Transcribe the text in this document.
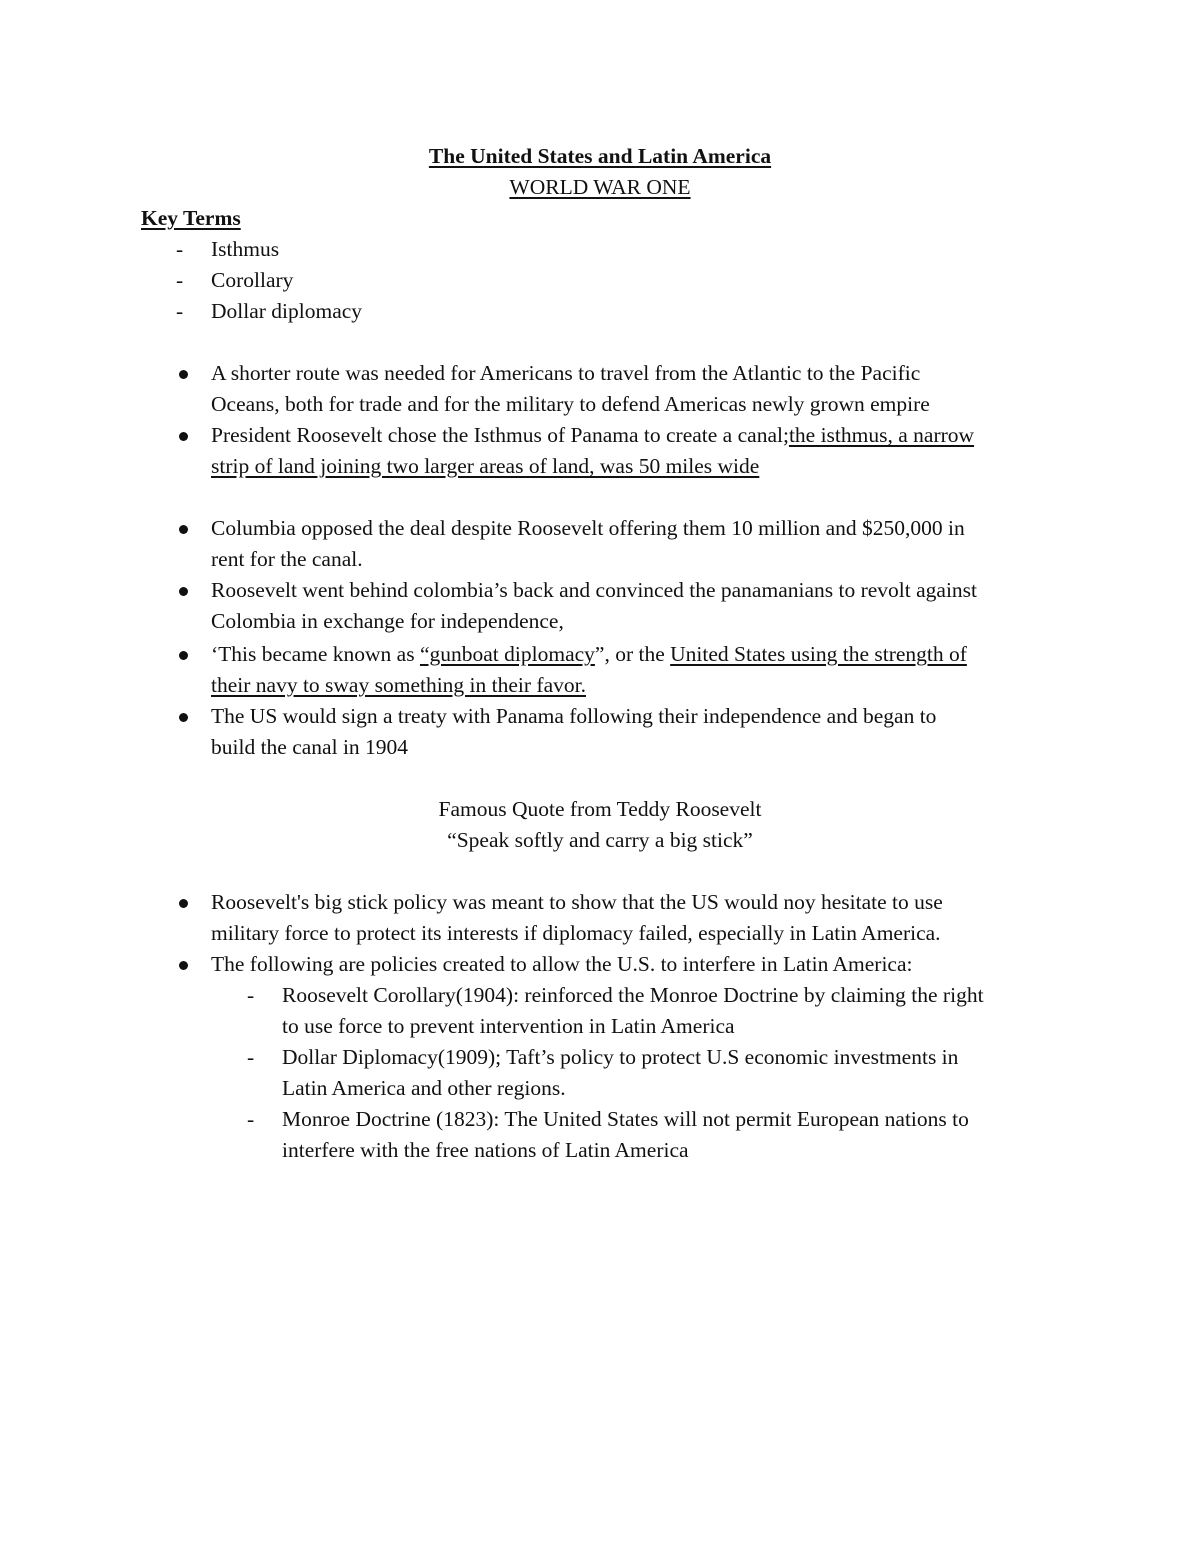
The United States and Latin America
WORLD WAR ONE
Key Terms
- Isthmus
- Corollary
- Dollar diplomacy
A shorter route was needed for Americans to travel from the Atlantic to the Pacific
Oceans, both for trade and for the military to defend Americas newly grown empire
President Roosevelt chose the Isthmus of Panama to create a canal;the isthmus, a narrow
strip of land joining two larger areas of land, was 50 miles wide
Columbia opposed the deal despite Roosevelt offering them 10 million and $250,000 in
rent for the canal.
Roosevelt went behind colombia’s back and convinced the panamanians to revolt against
Colombia in exchange for independence,
‘This became known as “gunboat diplomacy”, or the United States using the strength of
their navy to sway something in their favor.
The US would sign a treaty with Panama following their independence and began to
build the canal in 1904
Famous Quote from Teddy Roosevelt
“Speak softly and carry a big stick”
Roosevelt's big stick policy was meant to show that the US would noy hesitate to use
military force to protect its interests if diplomacy failed, especially in Latin America.
The following are policies created to allow the U.S. to interfere in Latin America:
- Roosevelt Corollary(1904): reinforced the Monroe Doctrine by claiming the right
to use force to prevent intervention in Latin America
- Dollar Diplomacy(1909); Taft’s policy to protect U.S economic investments in
Latin America and other regions.
- Monroe Doctrine (1823): The United States will not permit European nations to
interfere with the free nations of Latin America
